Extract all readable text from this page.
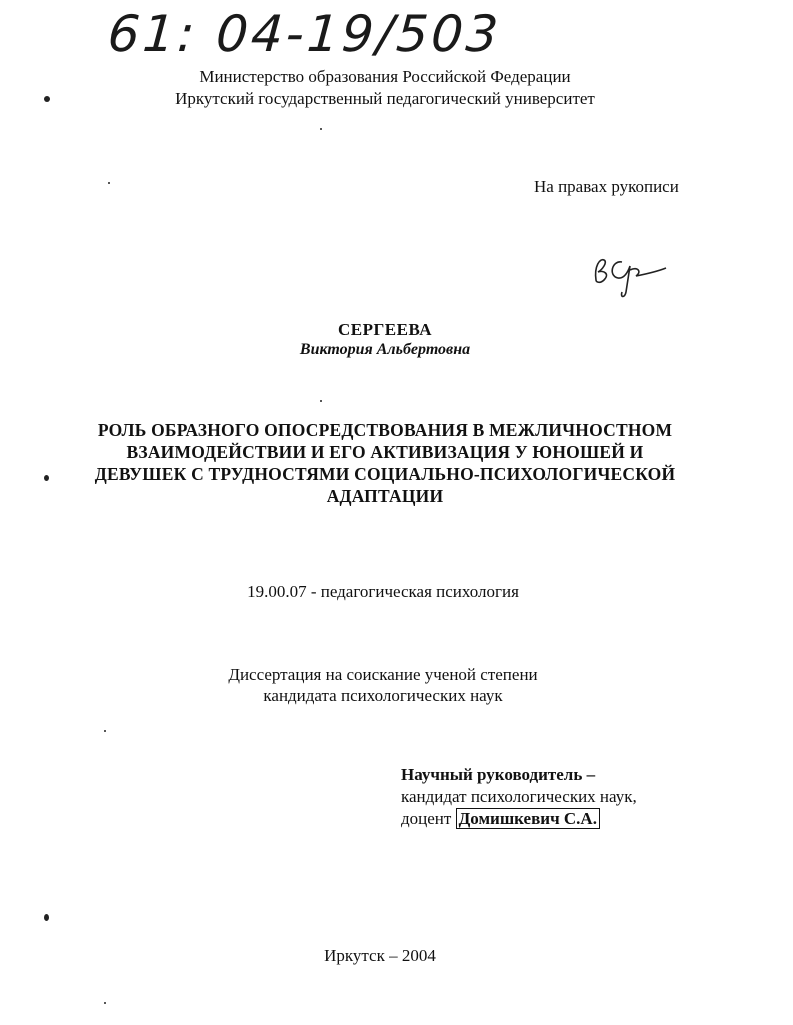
61: 04-19/503
Министерство образования Российской Федерации
Иркутский государственный педагогический университет
На правах рукописи
СЕРГЕЕВА
Виктория Альбертовна
РОЛЬ ОБРАЗНОГО ОПОСРЕДСТВОВАНИЯ В МЕЖЛИЧНОСТНОМ
ВЗАИМОДЕЙСТВИИ И ЕГО АКТИВИЗАЦИЯ У ЮНОШЕЙ И
ДЕВУШЕК С ТРУДНОСТЯМИ СОЦИАЛЬНО-ПСИХОЛОГИЧЕСКОЙ
АДАПТАЦИИ
19.00.07 - педагогическая психология
Диссертация на соискание ученой степени
кандидата психологических наук
Научный руководитель –
кандидат психологических наук,
доцент Домишкевич С.А.
Иркутск – 2004
